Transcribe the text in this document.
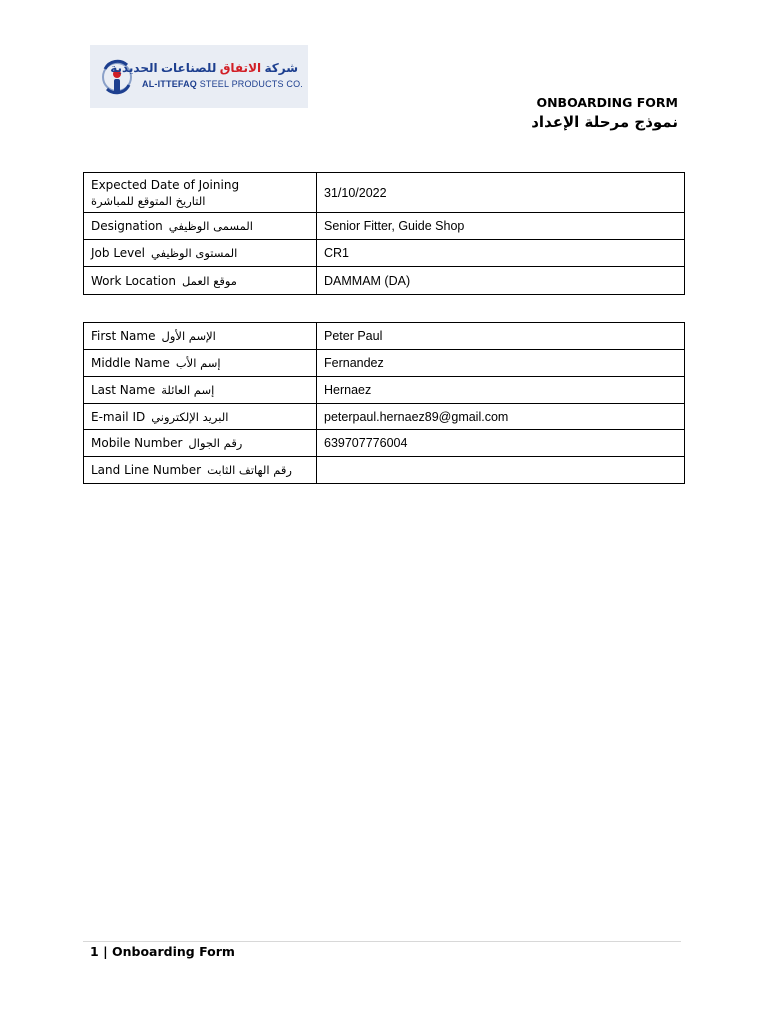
شركة الاتفاق للصناعات الحديدية
AL-ITTEFAQ STEEL PRODUCTS CO.
ONBOARDING FORM
نموذج مرحلة الإعداد
Expected Date of Joining
التاريخ المتوقع للمباشرة	31/10/2022
Designation المسمى الوظيفي	Senior Fitter, Guide Shop
Job Level المستوى الوظيفي	CR1
Work Location موقع العمل	DAMMAM (DA)
First Name الإسم الأول	Peter Paul
Middle Name إسم الأب	Fernandez
Last Name إسم العائلة	Hernaez
E-mail ID البريد الإلكتروني	peterpaul.hernaez89@gmail.com
Mobile Number رقم الجوال	639707776004
Land Line Number رقم الهاتف الثابت	
1 | Onboarding Form
